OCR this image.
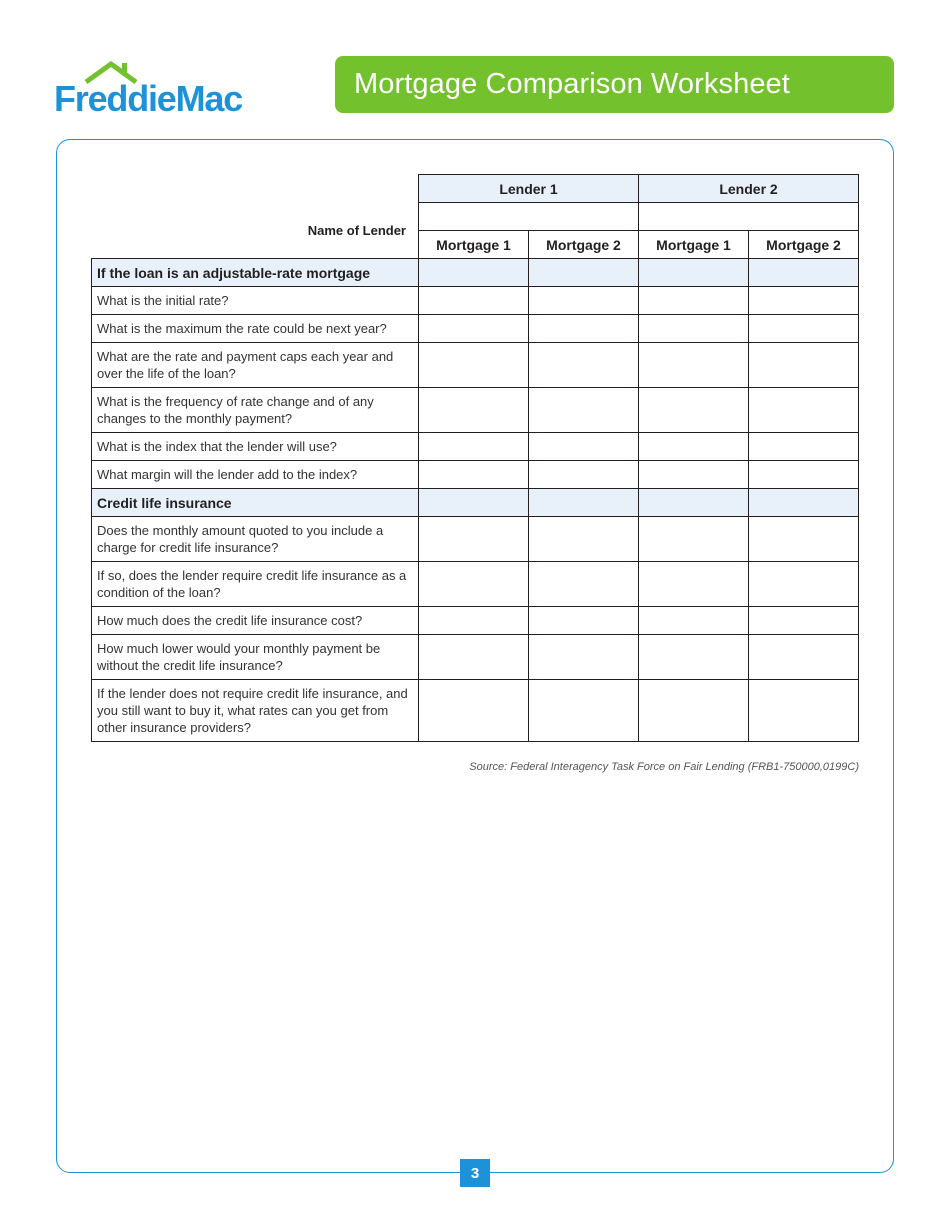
FreddieMac	Mortgage Comparison Worksheet
	Lender 1		Lender 2	
Name of Lender				
	Mortgage 1	Mortgage 2	Mortgage 1	Mortgage 2
If the loan is an adjustable-rate mortgage				
What is the initial rate?				
What is the maximum the rate could be next year?				
What are the rate and payment caps each year and over the life of the loan?				
What is the frequency of rate change and of any changes to the monthly payment?				
What is the index that the lender will use?				
What margin will the lender add to the index?				
Credit life insurance				
Does the monthly amount quoted to you include a charge for credit life insurance?				
If so, does the lender require credit life insurance as a condition of the loan?				
How much does the credit life insurance cost?				
How much lower would your monthly payment be without the credit life insurance?				
If the lender does not require credit life insurance, and you still want to buy it, what rates can you get from other insurance providers?				
Source: Federal Interagency Task Force on Fair Lending (FRB1-750000,0199C)
3
